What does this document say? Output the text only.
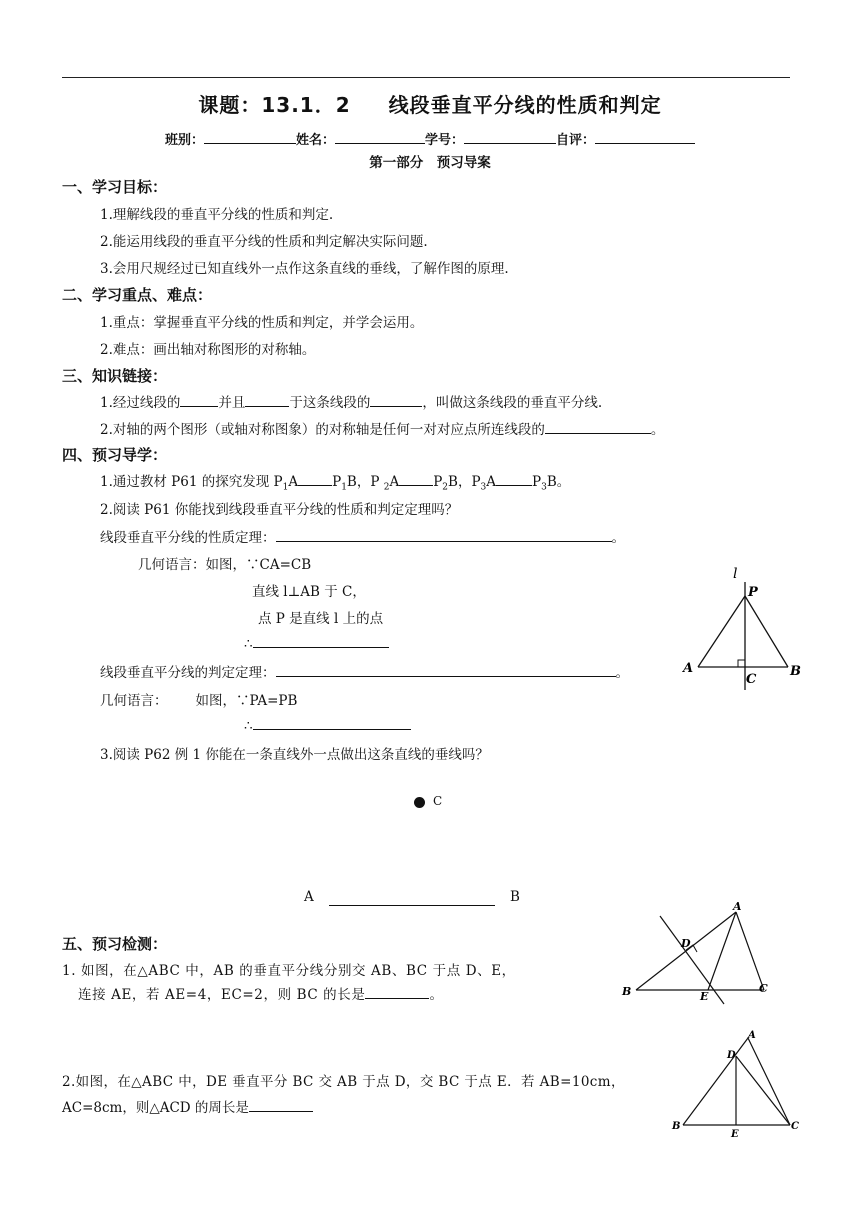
课题：13.1．2 线段垂直平分线的性质和判定
班别：	姓名：	学号：	自评：
第一部分　预习导案
一、学习目标：
1.理解线段的垂直平分线的性质和判定.
2.能运用线段的垂直平分线的性质和判定解决实际问题.
3.会用尺规经过已知直线外一点作这条直线的垂线，了解作图的原理.
二、学习重点、难点：
1.重点：掌握垂直平分线的性质和判定，并学会运用。
2.难点：画出轴对称图形的对称轴。
三、知识链接：
1.经过线段的	并且	于这条线段的	，叫做这条线段的垂直平分线.
2.对轴的两个图形（或轴对称图象）的对称轴是任何一对对应点所连线段的	。
四、预习导学：
1.通过教材 P61 的探究发现 $P_1A$	$P_1B$，P $_2$A	$P_2B$，$P_3A$	$P_3B$。
2.阅读 P61 你能找到线段垂直平分线的性质和判定定理吗？
线段垂直平分线的性质定理：	。
几何语言：如图，∵CA=CB
直线 l⊥AB 于 C，
点 P 是直线 l 上的点
∴
线段垂直平分线的判定定理：	。
几何语言： 如图，∵PA=PB
∴
3.阅读 P62 例 1 你能在一条直线外一点做出这条直线的垂线吗？
C
A	B
五、预习检测：
1. 如图，在△ABC 中，AB 的垂直平分线分别交 AB、BC 于点 D、E，
连接 AE，若 AE=4，EC=2，则 BC 的长是	。
2.如图，在△ABC 中，DE 垂直平分 BC 交 AB 于点 D，交 BC 于点 E．若 AB=10cm，
AC=8cm，则△ACD 的周长是
l
P
A	B
C
A
B	C
D
E
A
B	C
D
E
